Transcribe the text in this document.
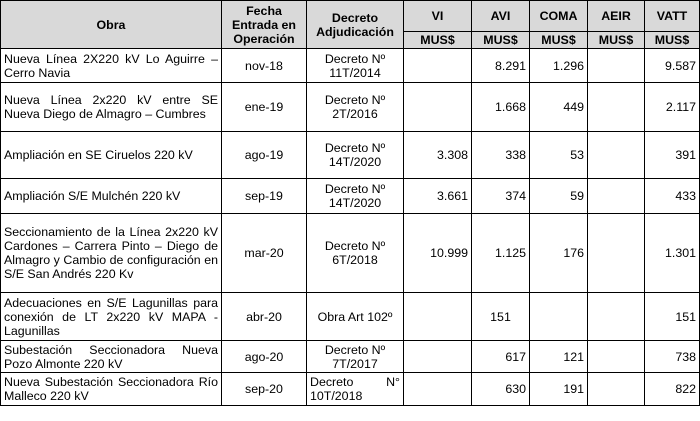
Obra	Fecha Entrada en Operación	Decreto Adjudicación	VI	AVI	COMA	AEIR	VATT
			MUS$	MUS$	MUS$	MUS$	MUS$
Nueva Línea 2X220 kV Lo Aguirre – Cerro Navia	nov-18	Decreto Nº 11T/2014		8.291	1.296		9.587
Nueva Línea 2x220 kV entre SE Nueva Diego de Almagro – Cumbres	ene-19	Decreto Nº 2T/2016		1.668	449		2.117
Ampliación en SE Ciruelos 220 kV	ago-19	Decreto Nº 14T/2020	3.308	338	53		391
Ampliación S/E Mulchén 220 kV	sep-19	Decreto Nº 14T/2020	3.661	374	59		433
Seccionamiento de la Línea 2x220 kV Cardones – Carrera Pinto – Diego de Almagro y Cambio de configuración en S/E San Andrés 220 Kv	mar-20	Decreto Nº 6T/2018	10.999	1.125	176		1.301
Adecuaciones en S/E Lagunillas para conexión de LT 2x220 kV MAPA - Lagunillas	abr-20	Obra Art 102º		151			151
Subestación Seccionadora Nueva Pozo Almonte 220 kV	ago-20	Decreto Nº 7T/2017		617	121		738
Nueva Subestación Seccionadora Río Malleco 220 kV	sep-20	Decreto N° 10T/2018		630	191		822
